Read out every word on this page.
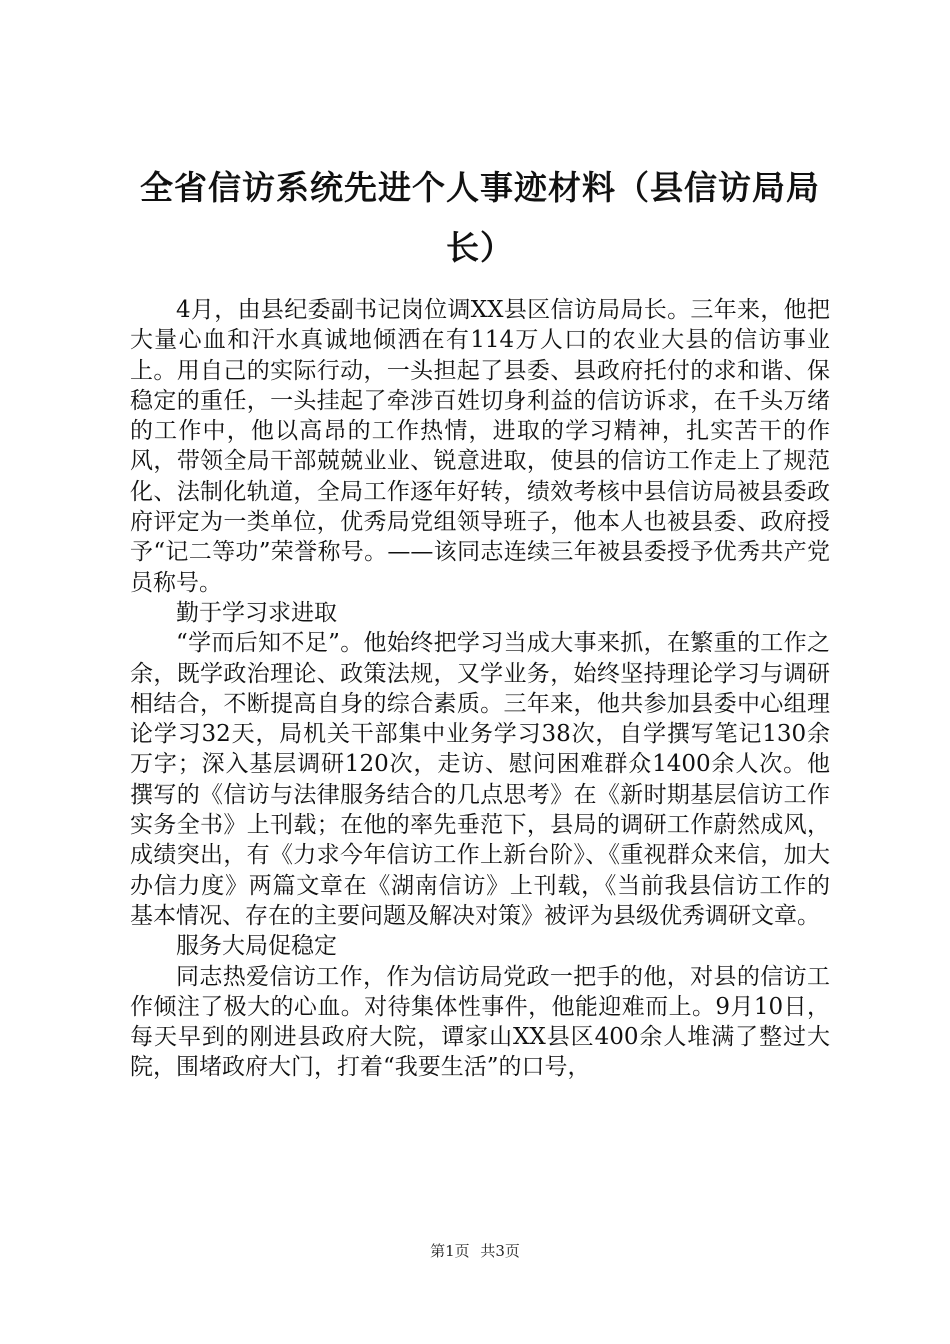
全省信访系统先进个人事迹材料（县信访局局长）

4月，由县纪委副书记岗位调XX县区信访局局长。三年来，他把大量心血和汗水真诚地倾洒在有114万人口的农业大县的信访事业上。用自己的实际行动，一头担起了县委、县政府托付的求和谐、保稳定的重任，一头挂起了牵涉百姓切身利益的信访诉求，在千头万绪的工作中，他以高昂的工作热情，进取的学习精神，扎实苦干的作风，带领全局干部兢兢业业、锐意进取，使县的信访工作走上了规范化、法制化轨道，全局工作逐年好转，绩效考核中县信访局被县委政府评定为一类单位，优秀局党组领导班子，他本人也被县委、政府授予“记二等功”荣誉称号。——该同志连续三年被县委授予优秀共产党员称号。

勤于学习求进取

“学而后知不足”。他始终把学习当成大事来抓，在繁重的工作之余，既学政治理论、政策法规，又学业务，始终坚持理论学习与调研相结合，不断提高自身的综合素质。三年来，他共参加县委中心组理论学习32天，局机关干部集中业务学习38次，自学撰写笔记130余万字；深入基层调研120次，走访、慰问困难群众1400余人次。他撰写的《信访与法律服务结合的几点思考》在《新时期基层信访工作实务全书》上刊载；在他的率先垂范下，县局的调研工作蔚然成风，成绩突出，有《力求今年信访工作上新台阶》、《重视群众来信，加大办信力度》两篇文章在《湖南信访》上刊载，《当前我县信访工作的基本情况、存在的主要问题及解决对策》被评为县级优秀调研文章。

服务大局促稳定

同志热爱信访工作，作为信访局党政一把手的他，对县的信访工作倾注了极大的心血。对待集体性事件，他能迎难而上。9月10日，每天早到的刚进县政府大院，谭家山XX县区400余人堆满了整过大院，围堵政府大门，打着“我要生活”的口号，

第1页 共3页
